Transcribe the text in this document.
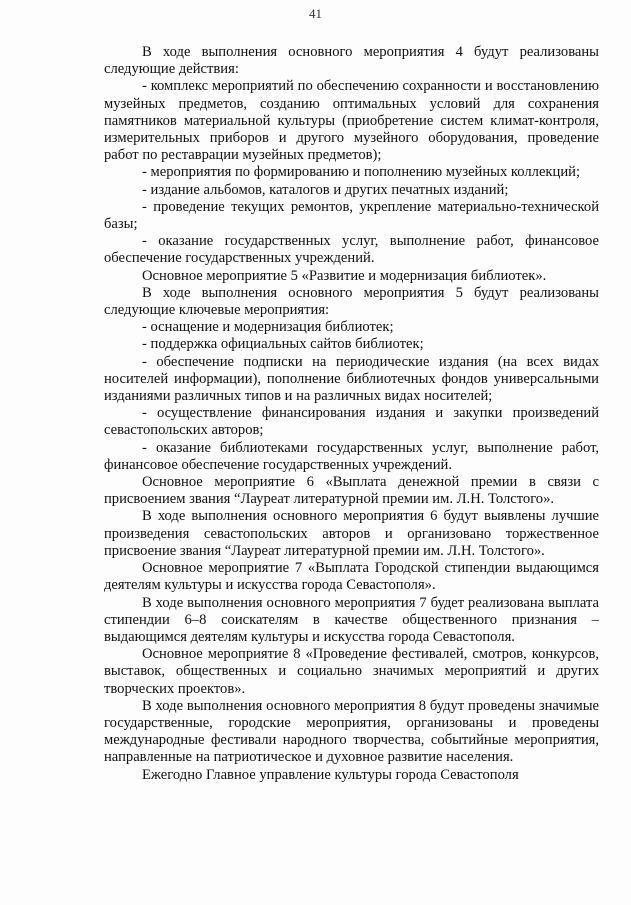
41

В ходе выполнения основного мероприятия 4 будут реализованы следующие действия:

- комплекс мероприятий по обеспечению сохранности и восстановлению музейных предметов, созданию оптимальных условий для сохранения памятников материальной культуры (приобретение систем климат-контроля, измерительных приборов и другого музейного оборудования, проведение работ по реставрации музейных предметов);

- мероприятия по формированию и пополнению музейных коллекций;

- издание альбомов, каталогов и других печатных изданий;

- проведение текущих ремонтов, укрепление материально-технической базы;

- оказание государственных услуг, выполнение работ, финансовое обеспечение государственных учреждений.

Основное мероприятие 5 «Развитие и модернизация библиотек».

В ходе выполнения основного мероприятия 5 будут реализованы следующие ключевые мероприятия:

- оснащение и модернизация библиотек;

- поддержка официальных сайтов библиотек;

- обеспечение подписки на периодические издания (на всех видах носителей информации), пополнение библиотечных фондов универсальными изданиями различных типов и на различных видах носителей;

- осуществление финансирования издания и закупки произведений севастопольских авторов;

- оказание библиотеками государственных услуг, выполнение работ, финансовое обеспечение государственных учреждений.

Основное мероприятие 6 «Выплата денежной премии в связи с присвоением звания “Лауреат литературной премии им. Л.Н. Толстого».

В ходе выполнения основного мероприятия 6 будут выявлены лучшие произведения севастопольских авторов и организовано торжественное присвоение звания “Лауреат литературной премии им. Л.Н. Толстого».

Основное мероприятие 7 «Выплата Городской стипендии выдающимся деятелям культуры и искусства города Севастополя».

В ходе выполнения основного мероприятия 7 будет реализована выплата стипендии 6–8 соискателям в качестве общественного признания – выдающимся деятелям культуры и искусства города Севастополя.

Основное мероприятие 8 «Проведение фестивалей, смотров, конкурсов, выставок, общественных и социально значимых мероприятий и других творческих проектов».

В ходе выполнения основного мероприятия 8 будут проведены значимые государственные, городские мероприятия, организованы и проведены международные фестивали народного творчества, событийные мероприятия, направленные на патриотическое и духовное развитие населения.

Ежегодно Главное управление культуры города Севастополя
